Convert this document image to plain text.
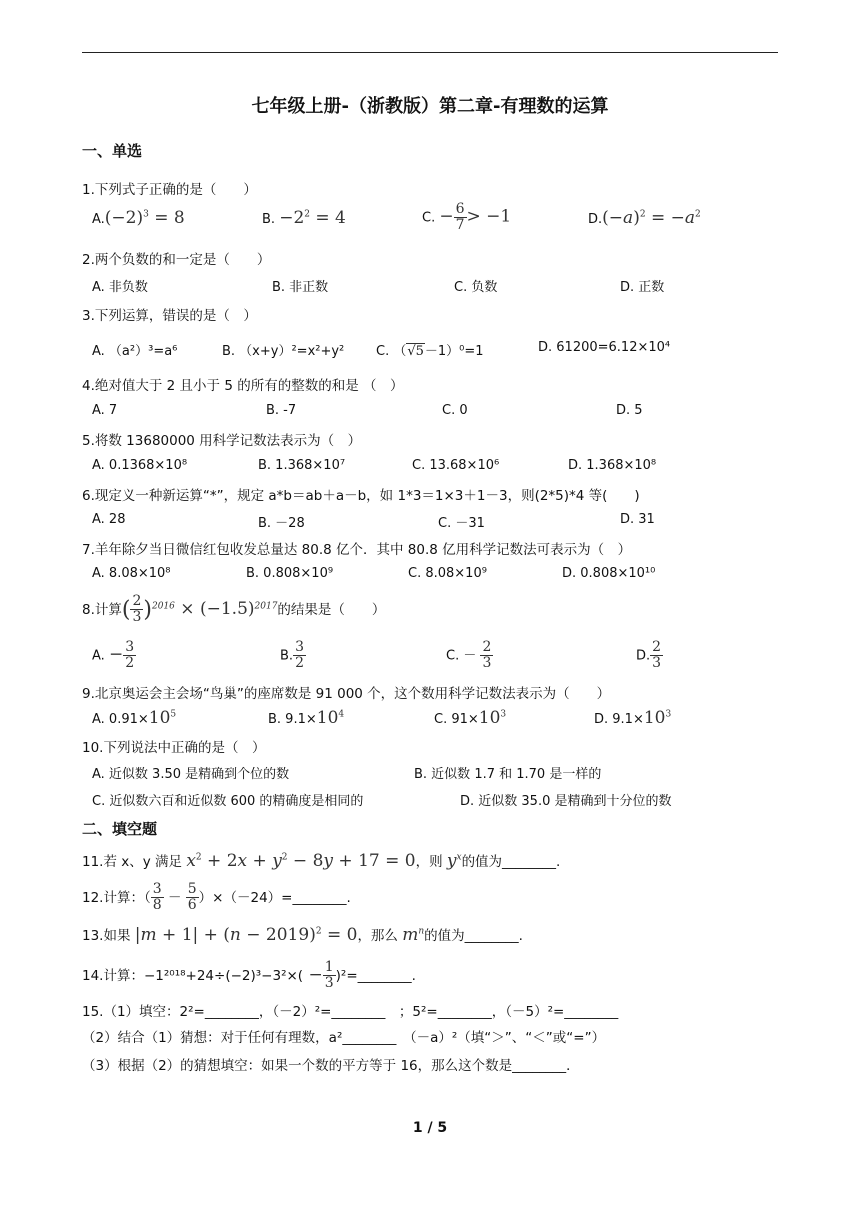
七年级上册-（浙教版）第二章-有理数的运算
一、单选
1.下列式子正确的是（　　）
$A.(-2)^3 = 8$	B. $-2^2 = 4$	C. − $\frac{6}{7} > -1$	$D.(-a)^2 = -a^2$
2.两个负数的和一定是（　　）
A. 非负数	B. 非正数	C. 负数	D. 正数
3.下列运算，错误的是（　）
A. （a²）³=a⁶	B. （x+y）²=x²+y² C. （√5－1）⁰=1	D. 61200=6.12×10⁴
4.绝对值大于 2 且小于 5 的所有的整数的和是 （　）
A. 7	B. -7	C. 0	D. 5
5.将数 13680000 用科学记数法表示为（　）
A. 0.1368×10⁸	B. 1.368×10⁷	C. 13.68×10⁶	D. 1.368×10⁸
6.现定义一种新运算“*”，规定 a*b＝ab＋a－b，如 1*3＝1×3＋1－3，则(2*5)*4 等(　　)
A. 28	B. －28	C. －31	D. 31
7.羊年除夕当日微信红包收发总量达 80.8 亿个．其中 80.8 亿用科学记数法可表示为（　）
A. 8.08×10⁸	B. 0.808×10⁹	C. 8.08×10⁹	D. 0.808×10¹⁰
8.计算( $\frac{2}{3} )^{2016} \times (-1.5)^{2017}$的结果是（　　）
A. − $\frac{3}{2}$	B. $\frac{3}{2}$	C. － $\frac{2}{3}$	D. $\frac{2}{3}$
9.北京奥运会主会场“鸟巢”的座席数是 91 000 个，这个数用科学记数法表示为（　　）
A. $0.91\times 10^5$	B. $9.1\times 10^4$	C. $91\times 10^3$	D. $9.1\times 10^3$
10.下列说法中正确的是（　）
A. 近似数 3.50 是精确到个位的数	B. 近似数 1.7 和 1.70 是一样的
C. 近似数六百和近似数 600 的精确度是相同的	D. 近似数 35.0 是精确到十分位的数
二、填空题
11.若 x、y 满足 $x^2 + 2x + y^2 - 8y + 17 = 0$，则 $y^x$的值为________.
12.计算：（ $\frac{3}{8} - \frac{5}{6}$ ）×（－24）=________.
13.如果 $|m + 1| + (n - 2019)^2 = 0$，那么 $m^n$的值为________.
14.计算：$-1^{2018}+24\div(-2)^3-3^2\times( - \frac{1}{3}$ )²=________.
15.（1）填空：2²=________，（－2）²=________　；5²=________，（－5）²=________
（2）结合（1）猜想：对于任何有理数，a²________　（－a）²（填“＞”、“＜”或“=”）
（3）根据（2）的猜想填空：如果一个数的平方等于 16，那么这个数是________．
1 / 5
